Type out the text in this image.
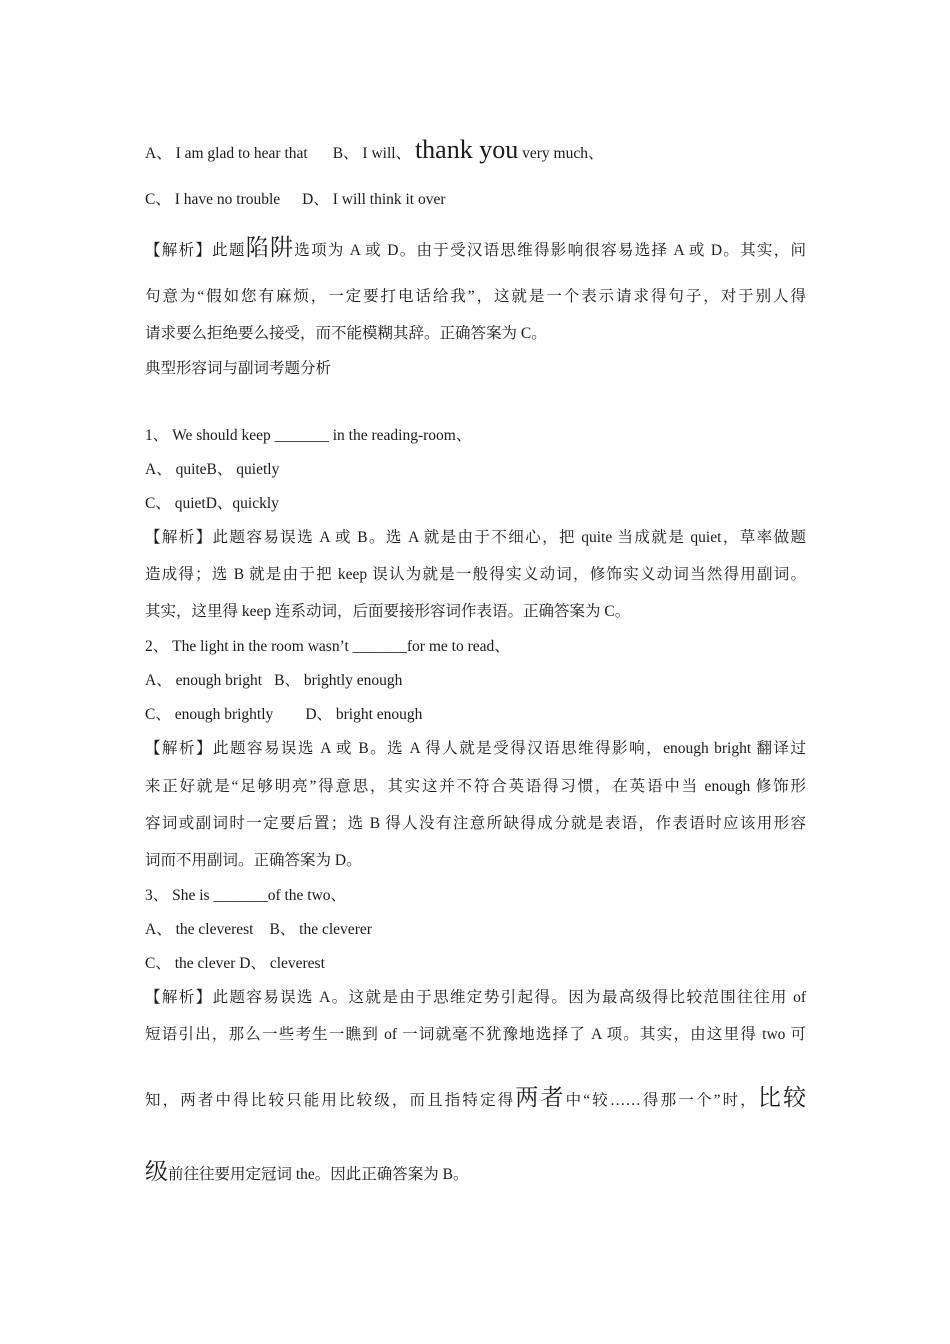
A、 I am glad to hear that B、 I will、 thank you very much、
C、 I have no trouble D、 I will think it over
【解析】此题陷阱选项为 A 或 D。由于受汉语思维得影响很容易选择 A 或 D。其实，问
句意为“假如您有麻烦，一定要打电话给我”，这就是一个表示请求得句子，对于别人得
请求要么拒绝要么接受，而不能模糊其辞。正确答案为 C。
典型形容词与副词考题分析
1、 We should keep _______ in the reading-room、
A、 quiteB、 quietly
C、 quietD、quickly
【解析】此题容易误选 A 或 B。选 A 就是由于不细心，把 quite 当成就是 quiet，草率做题
造成得；选 B 就是由于把 keep 误认为就是一般得实义动词，修饰实义动词当然得用副词。
其实，这里得 keep 连系动词，后面要接形容词作表语。正确答案为 C。
2、 The light in the room wasn’t _______for me to read、
A、 enough bright B、 brightly enough
C、 enough brightly D、 bright enough
【解析】此题容易误选 A 或 B。选 A 得人就是受得汉语思维得影响，enough bright 翻译过
来正好就是“足够明亮”得意思，其实这并不符合英语得习惯，在英语中当 enough 修饰形
容词或副词时一定要后置；选 B 得人没有注意所缺得成分就是表语，作表语时应该用形容
词而不用副词。正确答案为 D。
3、 She is _______of the two、
A、 the cleverest B、 the cleverer
C、 the clever D、 cleverest
【解析】此题容易误选 A。这就是由于思维定势引起得。因为最高级得比较范围往往用 of
短语引出，那么一些考生一瞧到 of 一词就毫不犹豫地选择了 A 项。其实，由这里得 two 可
知，两者中得比较只能用比较级，而且指特定得两者中“较……得那一个”时，比较
级前往往要用定冠词 the。因此正确答案为 B。
